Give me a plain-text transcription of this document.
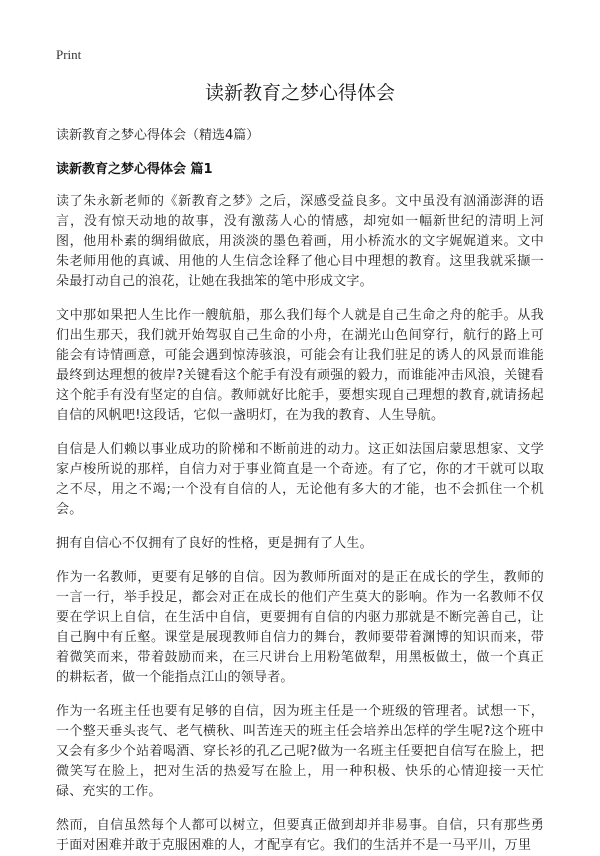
Print
读新教育之梦心得体会
读新教育之梦心得体会（精选4篇）
读新教育之梦心得体会 篇1

读了朱永新老师的《新教育之梦》之后，深感受益良多。文中虽没有汹涌澎湃的语言，没有惊天动地的故事，没有激荡人心的情感，却宛如一幅新世纪的清明上河图，他用朴素的绸绢做底，用淡淡的墨色着画，用小桥流水的文字娓娓道来。文中朱老师用他的真诚、用他的人生信念诠释了他心目中理想的教育。这里我就采撷一朵最打动自己的浪花，让她在我拙笨的笔中形成文字。

文中那如果把人生比作一艘航船，那么我们每个人就是自己生命之舟的舵手。从我们出生那天，我们就开始驾驭自己生命的小舟，在湖光山色间穿行，航行的路上可能会有诗情画意，可能会遇到惊涛骇浪，可能会有让我们驻足的诱人的风景而谁能最终到达理想的彼岸?关键看这个舵手有没有顽强的毅力，而谁能冲击风浪，关键看这个舵手有没有坚定的自信。教师就好比舵手，要想实现自己理想的教育,就请扬起自信的风帆吧!这段话，它似一盏明灯，在为我的教育、人生导航。

自信是人们赖以事业成功的阶梯和不断前进的动力。这正如法国启蒙思想家、文学家卢梭所说的那样，自信力对于事业简直是一个奇迹。有了它，你的才干就可以取之不尽，用之不竭;一个没有自信的人，无论他有多大的才能，也不会抓住一个机会。

拥有自信心不仅拥有了良好的性格，更是拥有了人生。

作为一名教师，更要有足够的自信。因为教师所面对的是正在成长的学生，教师的一言一行，举手投足，都会对正在成长的他们产生莫大的影响。作为一名教师不仅要在学识上自信，在生活中自信，更要拥有自信的内驱力那就是不断完善自己，让自己胸中有丘壑。课堂是展现教师自信力的舞台，教师要带着渊博的知识而来，带着微笑而来，带着鼓励而来，在三尺讲台上用粉笔做犁，用黑板做土，做一个真正的耕耘者，做一个能指点江山的领导者。

作为一名班主任也要有足够的自信，因为班主任是一个班级的管理者。试想一下，一个整天垂头丧气、老气横秋、叫苦连天的班主任会培养出怎样的学生呢?这个班中又会有多少个站着喝酒、穿长衫的孔乙己呢?做为一名班主任要把自信写在脸上，把微笑写在脸上，把对生活的热爱写在脸上，用一种积极、快乐的心情迎接一天忙碌、充实的工作。

然而，自信虽然每个人都可以树立，但要真正做到却并非易事。自信，只有那些勇于面对困难并敢于克服困难的人，才配享有它。我们的生活并不是一马平川，万里
